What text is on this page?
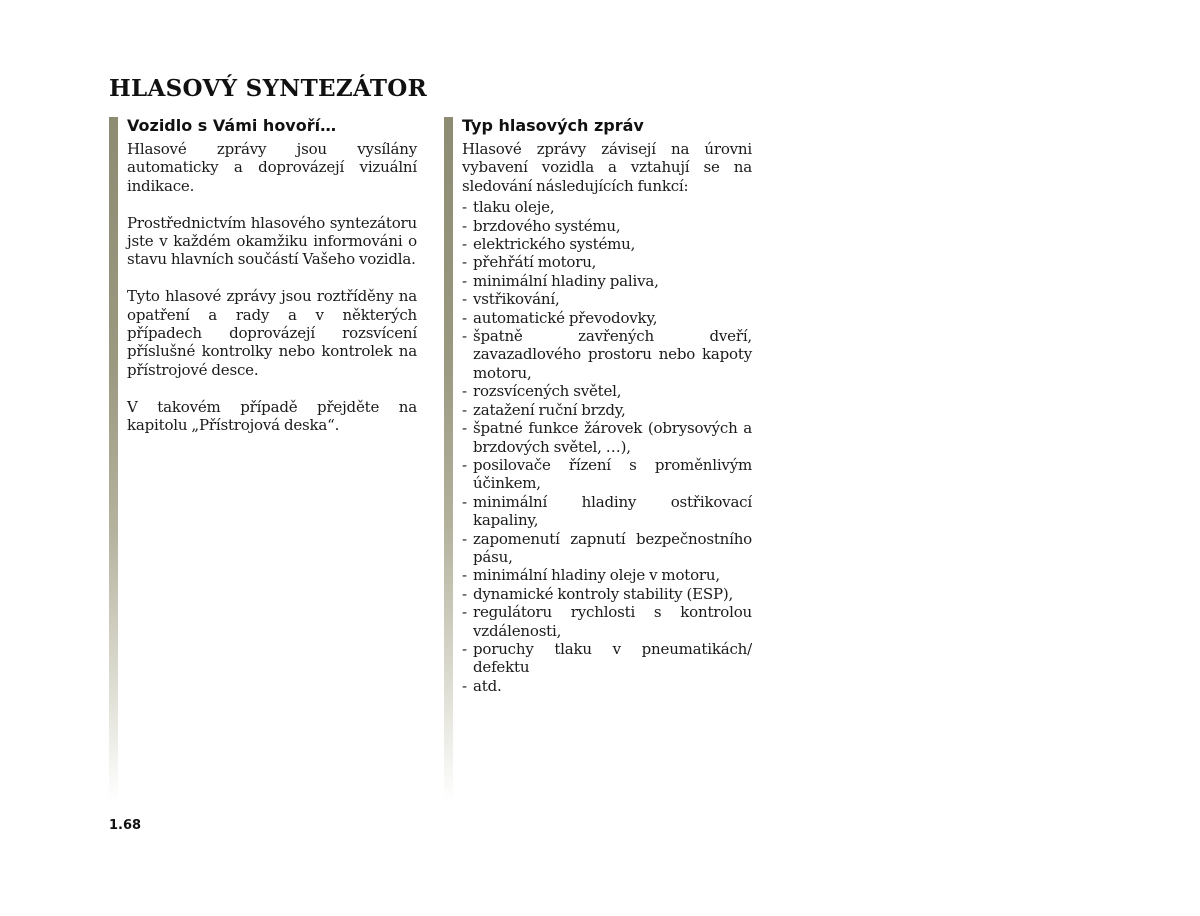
HLASOVÝ SYNTEZÁTOR
Vozidlo s Vámi hovoří…

Hlasové zprávy jsou vysílány automaticky a doprovázejí vizuální indikace.

Prostřednictvím hlasového syntezátoru jste v každém okamžiku informováni o stavu hlavních součástí Vašeho vozidla.

Tyto hlasové zprávy jsou roztříděny na opatření a rady a v některých případech doprovázejí rozsvícení příslušné kontrolky nebo kontrolek na přístrojové desce.

V takovém případě přejděte na kapitolu „Přístrojová deska“.

Typ hlasových zpráv

Hlasové zprávy závisejí na úrovni vybavení vozidla a vztahují se na sledování následujících funkcí:

- tlaku oleje,
- brzdového systému,
- elektrického systému,
- přehřátí motoru,
- minimální hladiny paliva,
- vstřikování,
- automatické převodovky,
- špatně zavřených dveří, zavazadlového prostoru nebo kapoty motoru,
- rozsvícených světel,
- zatažení ruční brzdy,
- špatné funkce žárovek (obrysových a brzdových světel, …),
- posilovače řízení s proměnlivým účinkem,
- minimální hladiny ostřikovací kapaliny,
- zapomenutí zapnutí bezpečnostního pásu,
- minimální hladiny oleje v motoru,
- dynamické kontroly stability (ESP),
- regulátoru rychlosti s kontrolou vzdálenosti,
- poruchy tlaku v pneumatikách/ defektu
- atd.
1.68
